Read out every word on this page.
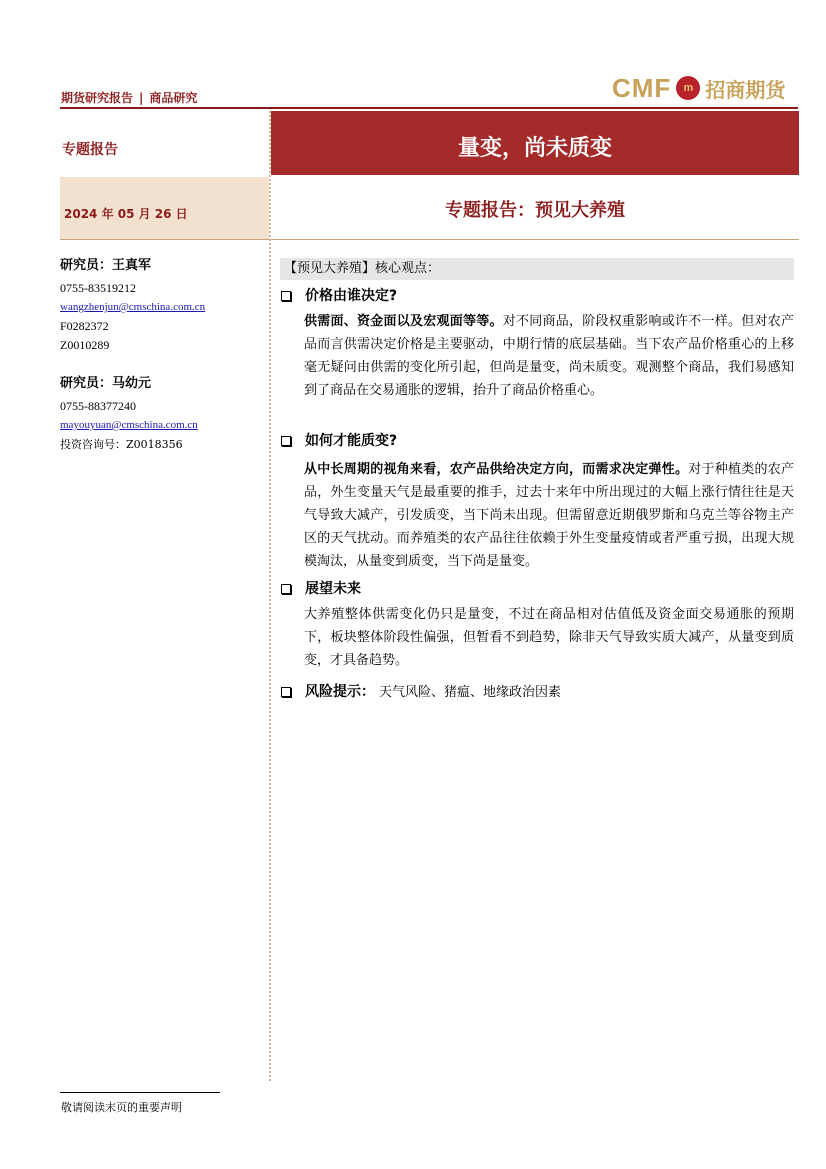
期货研究报告 | 商品研究	CMF	m 招商期货
专题报告	量变，尚未质变
2024 年 05 月 26 日	专题报告：预见大养殖
研究员：王真军
0755-83519212
wangzhenjun@cmschina.com.cn
F0282372
Z0010289
研究员：马幼元
0755-88377240
mayouyuan@cmschina.com.cn
投资咨询号：Z0018356
【预见大养殖】核心观点：
价格由谁决定?
供需面、资金面以及宏观面等等。对不同商品，阶段权重影响或许不一样。但对农产品而言供需决定价格是主要驱动，中期行情的底层基础。当下农产品价格重心的上移毫无疑问由供需的变化所引起，但尚是量变，尚未质变。观测整个商品，我们易感知到了商品在交易通胀的逻辑，抬升了商品价格重心。
如何才能质变?
从中长周期的视角来看，农产品供给决定方向，而需求决定弹性。对于种植类的农产品，外生变量天气是最重要的推手，过去十来年中所出现过的大幅上涨行情往往是天气导致大减产，引发质变，当下尚未出现。但需留意近期俄罗斯和乌克兰等谷物主产区的天气扰动。而养殖类的农产品往往依赖于外生变量疫情或者严重亏损，出现大规模淘汰，从量变到质变，当下尚是量变。
展望未来
大养殖整体供需变化仍只是量变，不过在商品相对估值低及资金面交易通胀的预期下，板块整体阶段性偏强，但暂看不到趋势，除非天气导致实质大减产，从量变到质变，才具备趋势。
风险提示： 天气风险、猪瘟、地缘政治因素
敬请阅读末页的重要声明
